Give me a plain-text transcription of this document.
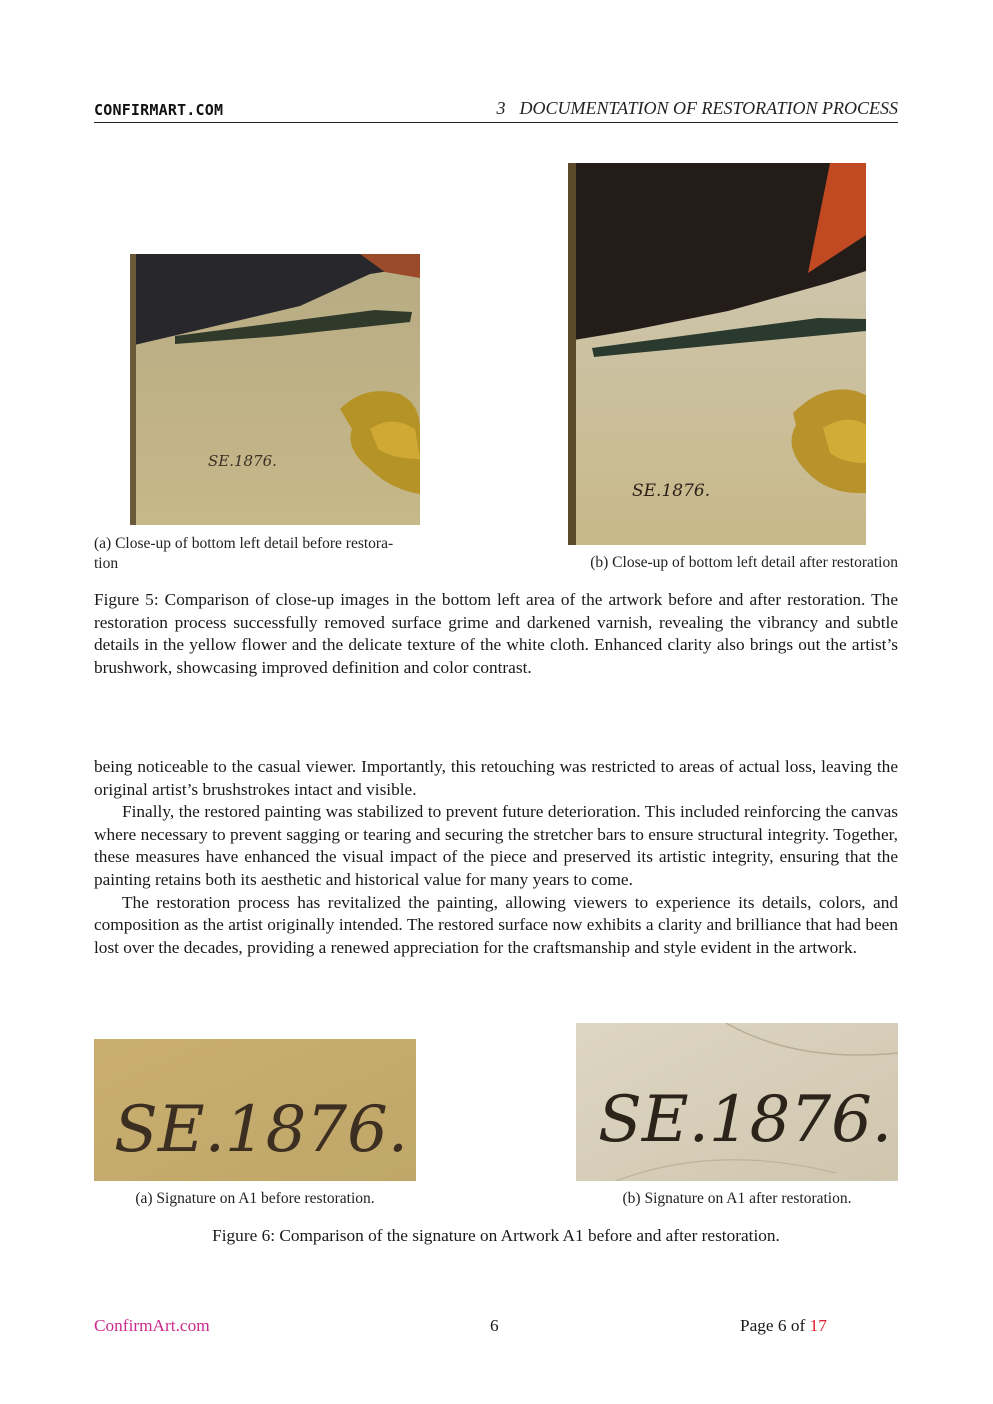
CONFIRMART.COM	3 DOCUMENTATION OF RESTORATION PROCESS
SE.1876.
SE.1876.
(a) Close-up of bottom left detail before restora-
tion	(b) Close-up of bottom left detail after restoration
Figure 5: Comparison of close-up images in the bottom left area of the artwork before and after restoration. The restoration process successfully removed surface grime and darkened varnish, revealing the vibrancy and subtle details in the yellow flower and the delicate texture of the white cloth. Enhanced clarity also brings out the artist’s brushwork, showcasing improved definition and color contrast.

being noticeable to the casual viewer. Importantly, this retouching was restricted to areas of actual loss, leaving the original artist’s brushstrokes intact and visible.

Finally, the restored painting was stabilized to prevent future deterioration. This included reinforcing the canvas where necessary to prevent sagging or tearing and securing the stretcher bars to ensure structural integrity. Together, these measures have enhanced the visual impact of the piece and preserved its artistic integrity, ensuring that the painting retains both its aesthetic and historical value for many years to come.

The restoration process has revitalized the painting, allowing viewers to experience its details, colors, and composition as the artist originally intended. The restored surface now exhibits a clarity and brilliance that had been lost over the decades, providing a renewed appreciation for the craftsmanship and style evident in the artwork.

SE.1876.	SE.1876.
(a) Signature on A1 before restoration.	(b) Signature on A1 after restoration.
Figure 6: Comparison of the signature on Artwork A1 before and after restoration.
ConfirmArt.com	6	Page 6 of 17
